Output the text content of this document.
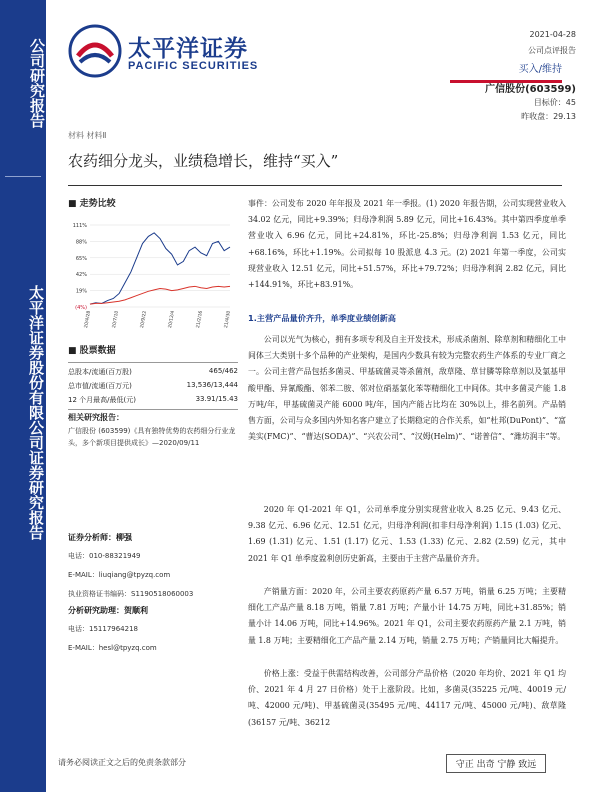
公司研究报告
太平洋证券股份有限公司证券研究报告
太平洋证券
PACIFIC SECURITIES
2021-04-28
公司点评报告
买入/维持
广信股份(603599)
目标价：45
昨收盘：29.13
材料 材料Ⅱ
农药细分龙头，业绩稳增长，维持“买入”
■ 走势比较
111%
88%
65%
42%
19%
(4%)
20/4/28	20/7/10	20/9/22	20/12/4	21/2/16	21/4/30
■ 股票数据
总股本/流通(百万股)	465/462
总市值/流通(百万元)	13,536/13,444
12 个月最高/最低(元)	33.91/15.43
相关研究报告：
广信股份 (603599)《具有独特优势的农药细分行业龙头，多个新项目提供成长》—2020/09/11
证券分析师：柳强
电话：010-88321949
E-MAIL：liuqiang@tpyzq.com
执业资格证书编码：S1190518060003
分析研究助理：贺顺利
电话：15117964218
E-MAIL：hesl@tpyzq.com
事件：公司发布 2020 年年报及 2021 年一季报。(1) 2020 年报告期，公司实现营业收入 34.02 亿元，同比+9.39%；归母净利润 5.89 亿元，同比+16.43%。其中第四季度单季营业收入 6.96 亿元，同比+24.81%，环比-25.8%；归母净利润 1.53 亿元，同比+68.16%，环比+1.19%。公司拟每 10 股派息 4.3 元。(2) 2021 年第一季度，公司实现营业收入 12.51 亿元，同比+51.57%，环比+79.72%；归母净利润 2.82 亿元，同比+144.91%，环比+83.91%。
1.主营产品量价齐升，单季度业绩创新高
公司以光气为核心，拥有多项专利及自主开发技术，形成杀菌剂、除草剂和精细化工中间体三大类别十多个品种的产业架构，是国内少数具有较为完整农药生产体系的专业厂商之一。公司主营产品包括多菌灵、甲基硫菌灵等杀菌剂，敌草隆、草甘膦等除草剂以及氯基甲酸甲酯、异氰酸酯、邻苯二胺、邻对位硝基氯化苯等精细化工中间体。其中多菌灵产能 1.8 万吨/年，甲基硫菌灵产能 6000 吨/年，国内产能占比均在 30%以上，排名前列。产品销售方面，公司与众多国内外知名客户建立了长期稳定的合作关系，如“杜邦(DuPont)”、“富美实(FMC)”、“曹达(SODA)”、“兴农公司”、“汉姆(Helm)”、“诺普信”、“潍坊润丰”等。
2020 年 Q1-2021 年 Q1，公司单季度分别实现营业收入 8.25 亿元、9.43 亿元、9.38 亿元、6.96 亿元、12.51 亿元，归母净利润(扣非归母净利润) 1.15 (1.03) 亿元、1.69 (1.31) 亿元、1.51 (1.17) 亿元、1.53 (1.33) 亿元、2.82 (2.59) 亿元，其中 2021 年 Q1 单季度盈利创历史新高，主要由于主营产品量价齐升。
产销量方面：2020 年，公司主要农药原药产量 6.57 万吨，销量 6.25 万吨；主要精细化工产品产量 8.18 万吨，销量 7.81 万吨；产量小计 14.75 万吨，同比+31.85%；销量小计 14.06 万吨，同比+14.96%。2021 年 Q1，公司主要农药原药产量 2.1 万吨，销量 1.8 万吨；主要精细化工产品产量 2.14 万吨，销量 2.75 万吨；产销量同比大幅提升。
价格上涨：受益于供需结构改善，公司部分产品价格（2020 年均价、2021 年 Q1 均价、2021 年 4 月 27 日价格）处于上涨阶段。比如，多菌灵(35225 元/吨、40019 元/吨、42000 元/吨)、甲基硫菌灵(35495 元/吨、44117 元/吨、45000 元/吨)、敌草隆(36157 元/吨、36212
请务必阅读正文之后的免责条款部分	守正 出奇 宁静 致远
